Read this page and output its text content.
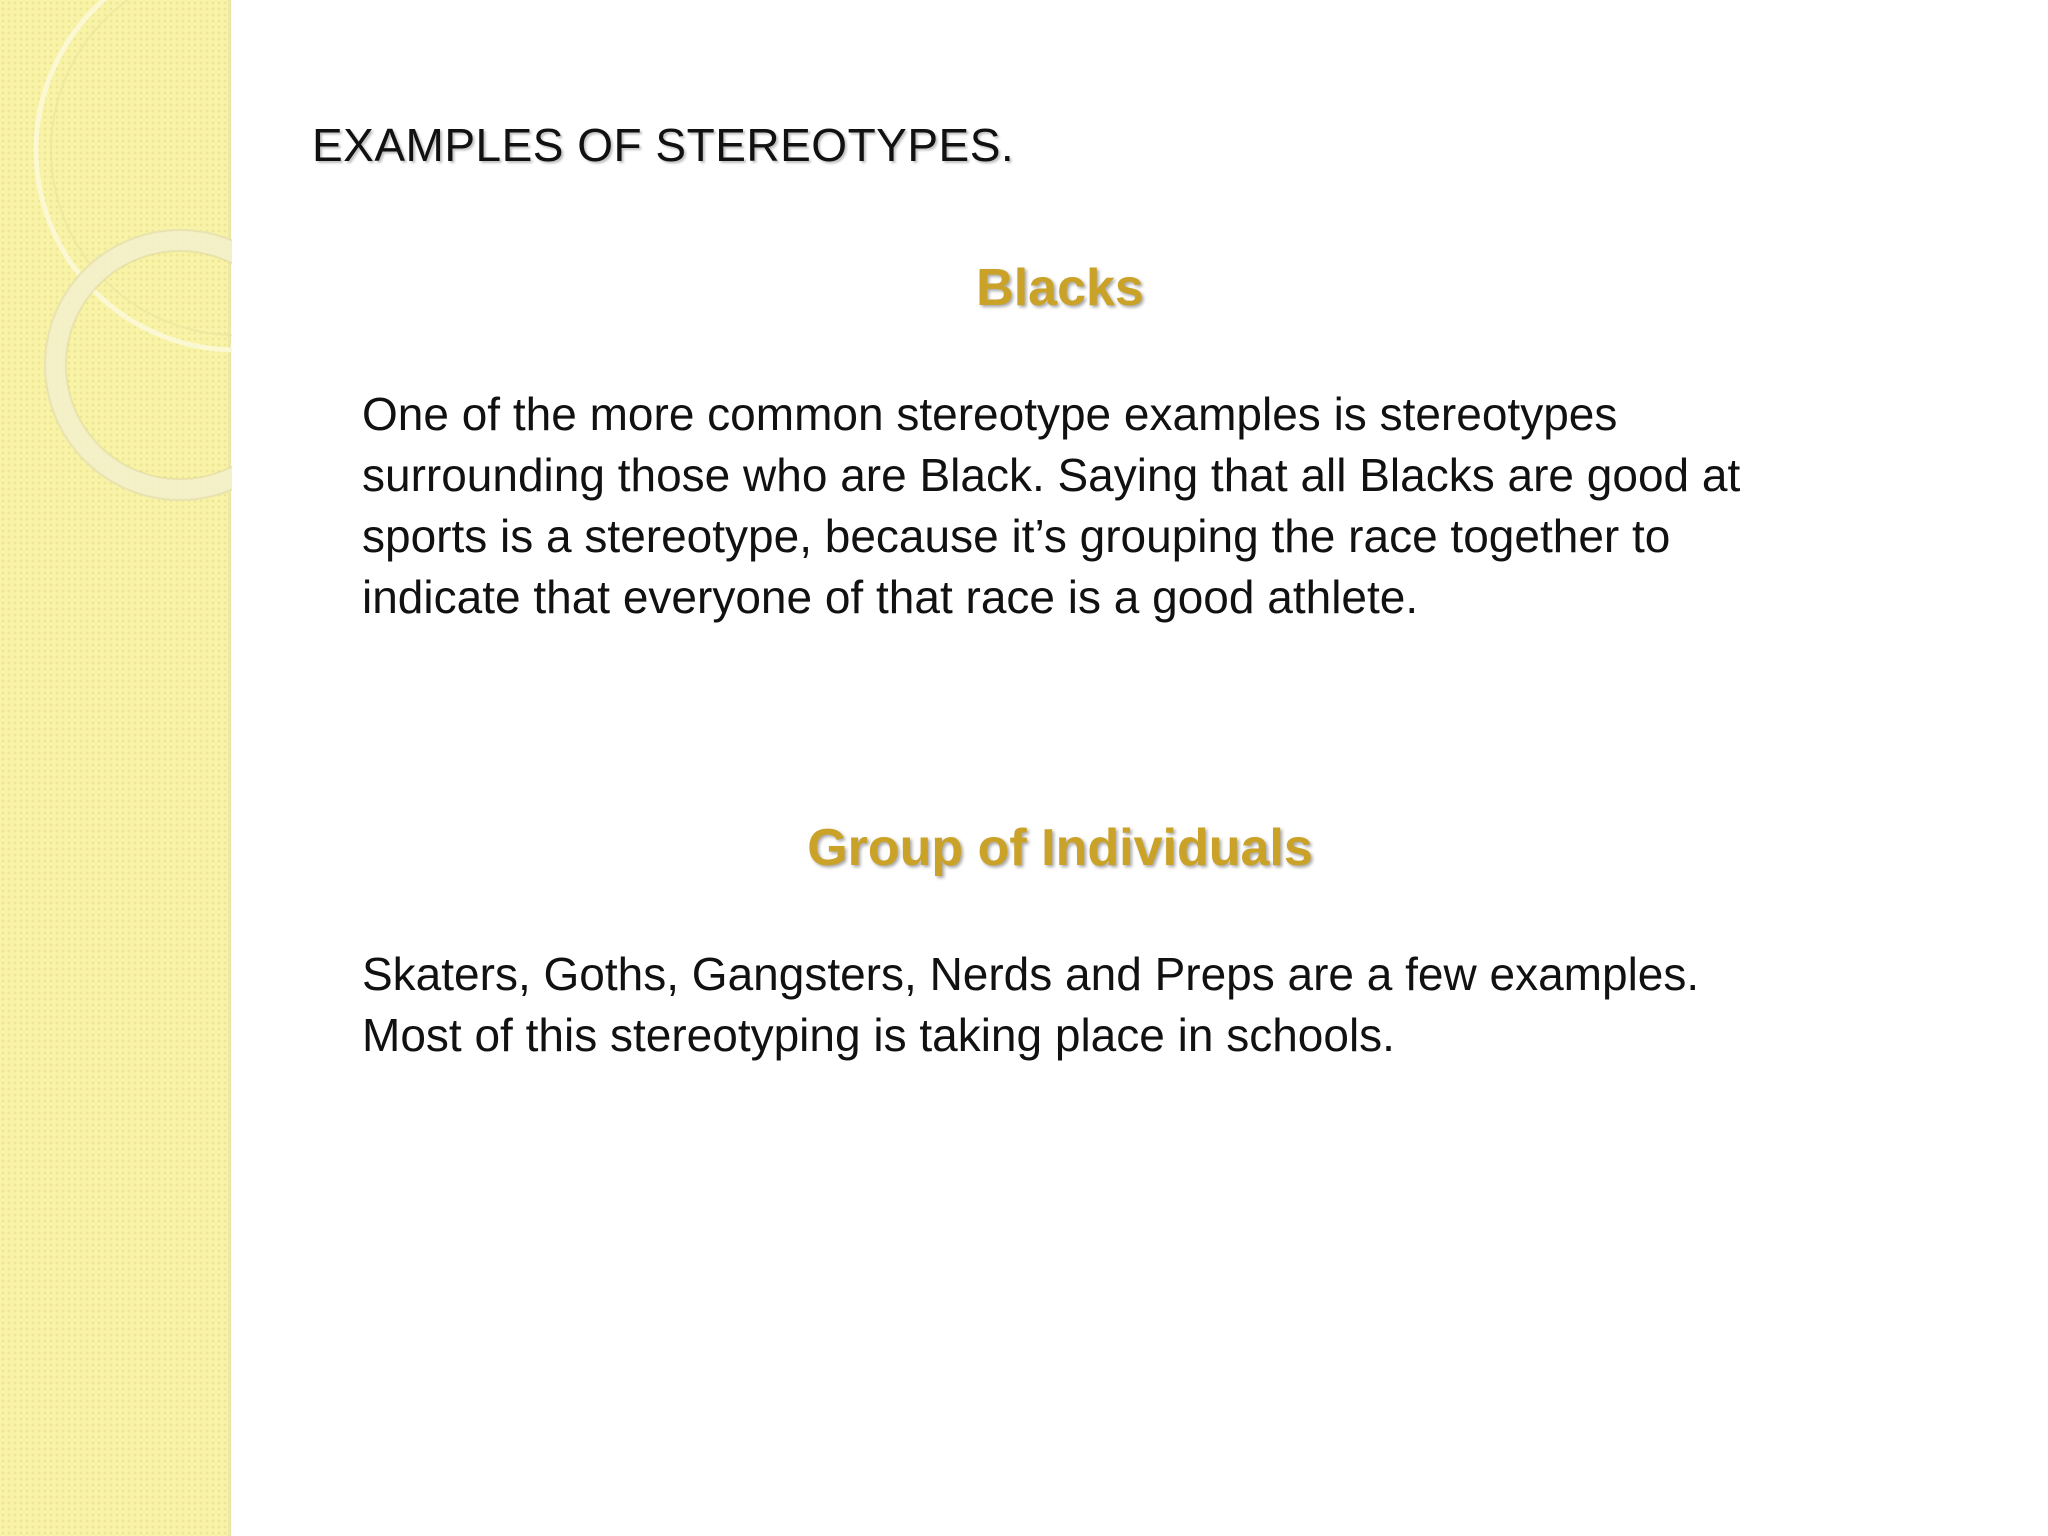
EXAMPLES OF STEREOTYPES.
Blacks

One of the more common stereotype examples is stereotypes surrounding those who are Black. Saying that all Blacks are good at sports is a stereotype, because it’s grouping the race together to indicate that everyone of that race is a good athlete.

Group of Individuals

Skaters, Goths, Gangsters, Nerds and Preps are a few examples. Most of this stereotyping is taking place in schools.
